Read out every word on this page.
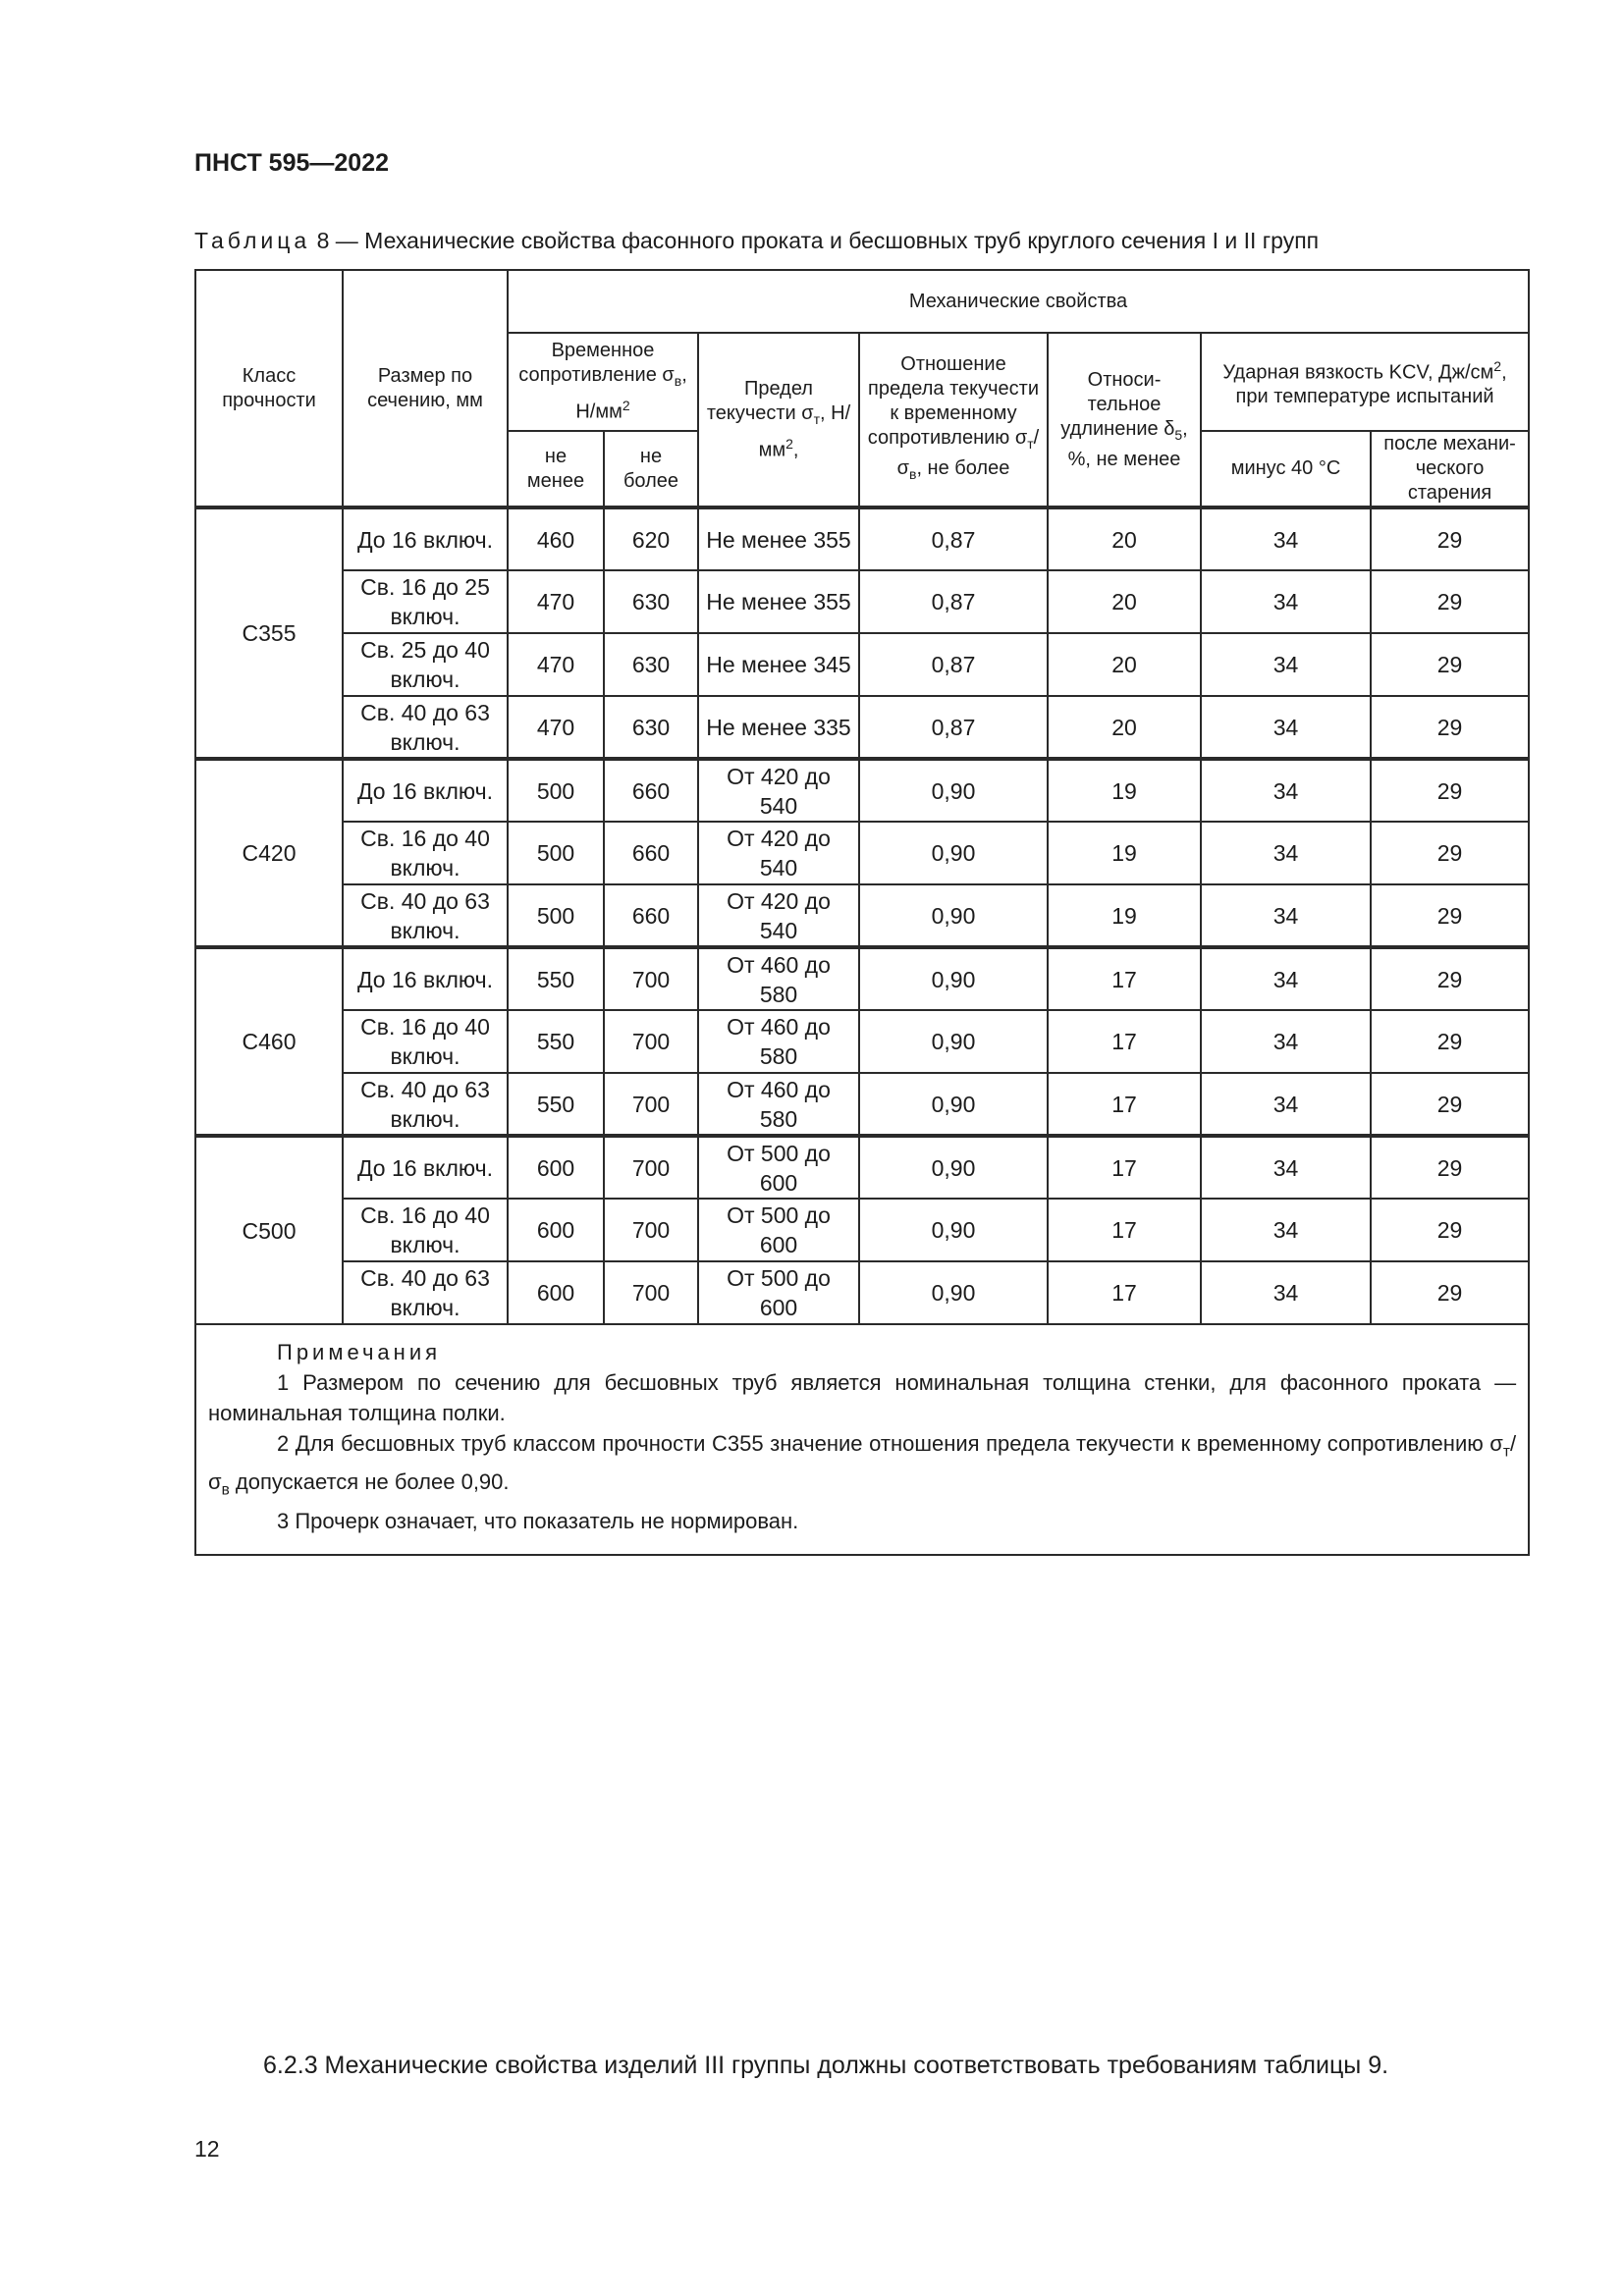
ПНСТ 595—2022
Таблица 8 — Механические свойства фасонного проката и бесшовных труб круглого сечения I и II групп
Класс прочности	Размер по сечению, мм	Механические свойства						
		Временное сопротивление $\sigma_в$, $Н/мм^2$		Предел текучести $\sigma_т$, $Н/мм^2$,	Отношение предела текучести к временному сопротивлению $\sigma_т/\sigma_в$, не более	Относи-тельное удлинение $\delta_5$, %, не менее	Ударная вязкость KCV, $Дж/см^2$, при температуре испытаний	
		не менее	не более				минус 40 °С	после механи-ческого старения
С355	До 16 включ.	460	620	Не менее 355	0,87	20	34	29
	Св. 16 до 25 включ.	470	630	Не менее 355	0,87	20	34	29
	Св. 25 до 40 включ.	470	630	Не менее 345	0,87	20	34	29
	Св. 40 до 63 включ.	470	630	Не менее 335	0,87	20	34	29
С420	До 16 включ.	500	660	От 420 до 540	0,90	19	34	29
	Св. 16 до 40 включ.	500	660	От 420 до 540	0,90	19	34	29
	Св. 40 до 63 включ.	500	660	От 420 до 540	0,90	19	34	29
С460	До 16 включ.	550	700	От 460 до 580	0,90	17	34	29
	Св. 16 до 40 включ.	550	700	От 460 до 580	0,90	17	34	29
	Св. 40 до 63 включ.	550	700	От 460 до 580	0,90	17	34	29
С500	До 16 включ.	600	700	От 500 до 600	0,90	17	34	29
	Св. 16 до 40 включ.	600	700	От 500 до 600	0,90	17	34	29
	Св. 40 до 63 включ.	600	700	От 500 до 600	0,90	17	34	29

Примечания
1 Размером по сечению для бесшовных труб является номинальная толщина стенки, для фасонного проката — номинальная толщина полки.
2 Для бесшовных труб классом прочности С355 значение отношения предела текучести к временному сопротивлению $\sigma_т/\sigma_в$ допускается не более 0,90.
3 Прочерк означает, что показатель не нормирован.								
6.2.3 Механические свойства изделий III группы должны соответствовать требованиям таблицы 9.
12
